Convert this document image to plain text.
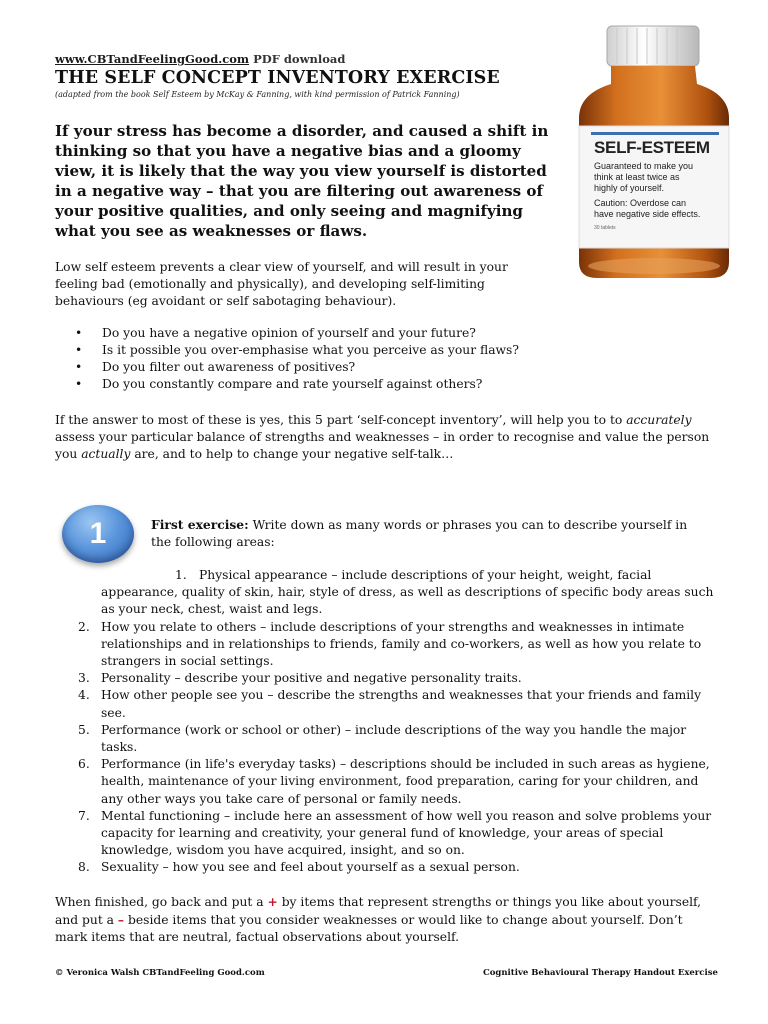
www.CBTandFeelingGood.com PDF download
THE SELF CONCEPT INVENTORY EXERCISE
(adapted from the book Self Esteem by McKay & Fanning, with kind permission of Patrick Fanning)
If your stress has become a disorder, and caused a shift in thinking so that you have a negative bias and a gloomy view, it is likely that the way you view yourself is distorted in a negative way – that you are filtering out awareness of your positive qualities, and only seeing and magnifying what you see as weaknesses or flaws.
SELF-ESTEEM
Guaranteed to make you
think at least twice as
highly of yourself.
Caution: Overdose can
have negative side effects.
30 tablets
Low self esteem prevents a clear view of yourself, and will result in your feeling bad (emotionally and physically), and developing self-limiting behaviours (eg avoidant or self sabotaging behaviour).
• Do you have a negative opinion of yourself and your future?
• Is it possible you over-emphasise what you perceive as your flaws?
• Do you filter out awareness of positives?
• Do you constantly compare and rate yourself against others?
If the answer to most of these is yes, this 5 part ‘self-concept inventory’, will help you to to accurately assess your particular balance of strengths and weaknesses – in order to recognise and value the person you actually are, and to help to change your negative self-talk…
1	First exercise: Write down as many words or phrases you can to describe yourself in the following areas:
1. Physical appearance – include descriptions of your height, weight, facial appearance, quality of skin, hair, style of dress, as well as descriptions of specific body areas such as your neck, chest, waist and legs.
2. How you relate to others – include descriptions of your strengths and weaknesses in intimate relationships and in relationships to friends, family and co-workers, as well as how you relate to strangers in social settings.
3. Personality – describe your positive and negative personality traits.
4. How other people see you – describe the strengths and weaknesses that your friends and family see.
5. Performance (work or school or other) – include descriptions of the way you handle the major tasks.
6. Performance (in life's everyday tasks) – descriptions should be included in such areas as hygiene, health, maintenance of your living environment, food preparation, caring for your children, and any other ways you take care of personal or family needs.
7. Mental functioning – include here an assessment of how well you reason and solve problems your capacity for learning and creativity, your general fund of knowledge, your areas of special knowledge, wisdom you have acquired, insight, and so on.
8. Sexuality – how you see and feel about yourself as a sexual person.
When finished, go back and put a + by items that represent strengths or things you like about yourself, and put a – beside items that you consider weaknesses or would like to change about yourself. Don’t mark items that are neutral, factual observations about yourself.
© Veronica Walsh CBTandFeeling Good.com	Cognitive Behavioural Therapy Handout Exercise
